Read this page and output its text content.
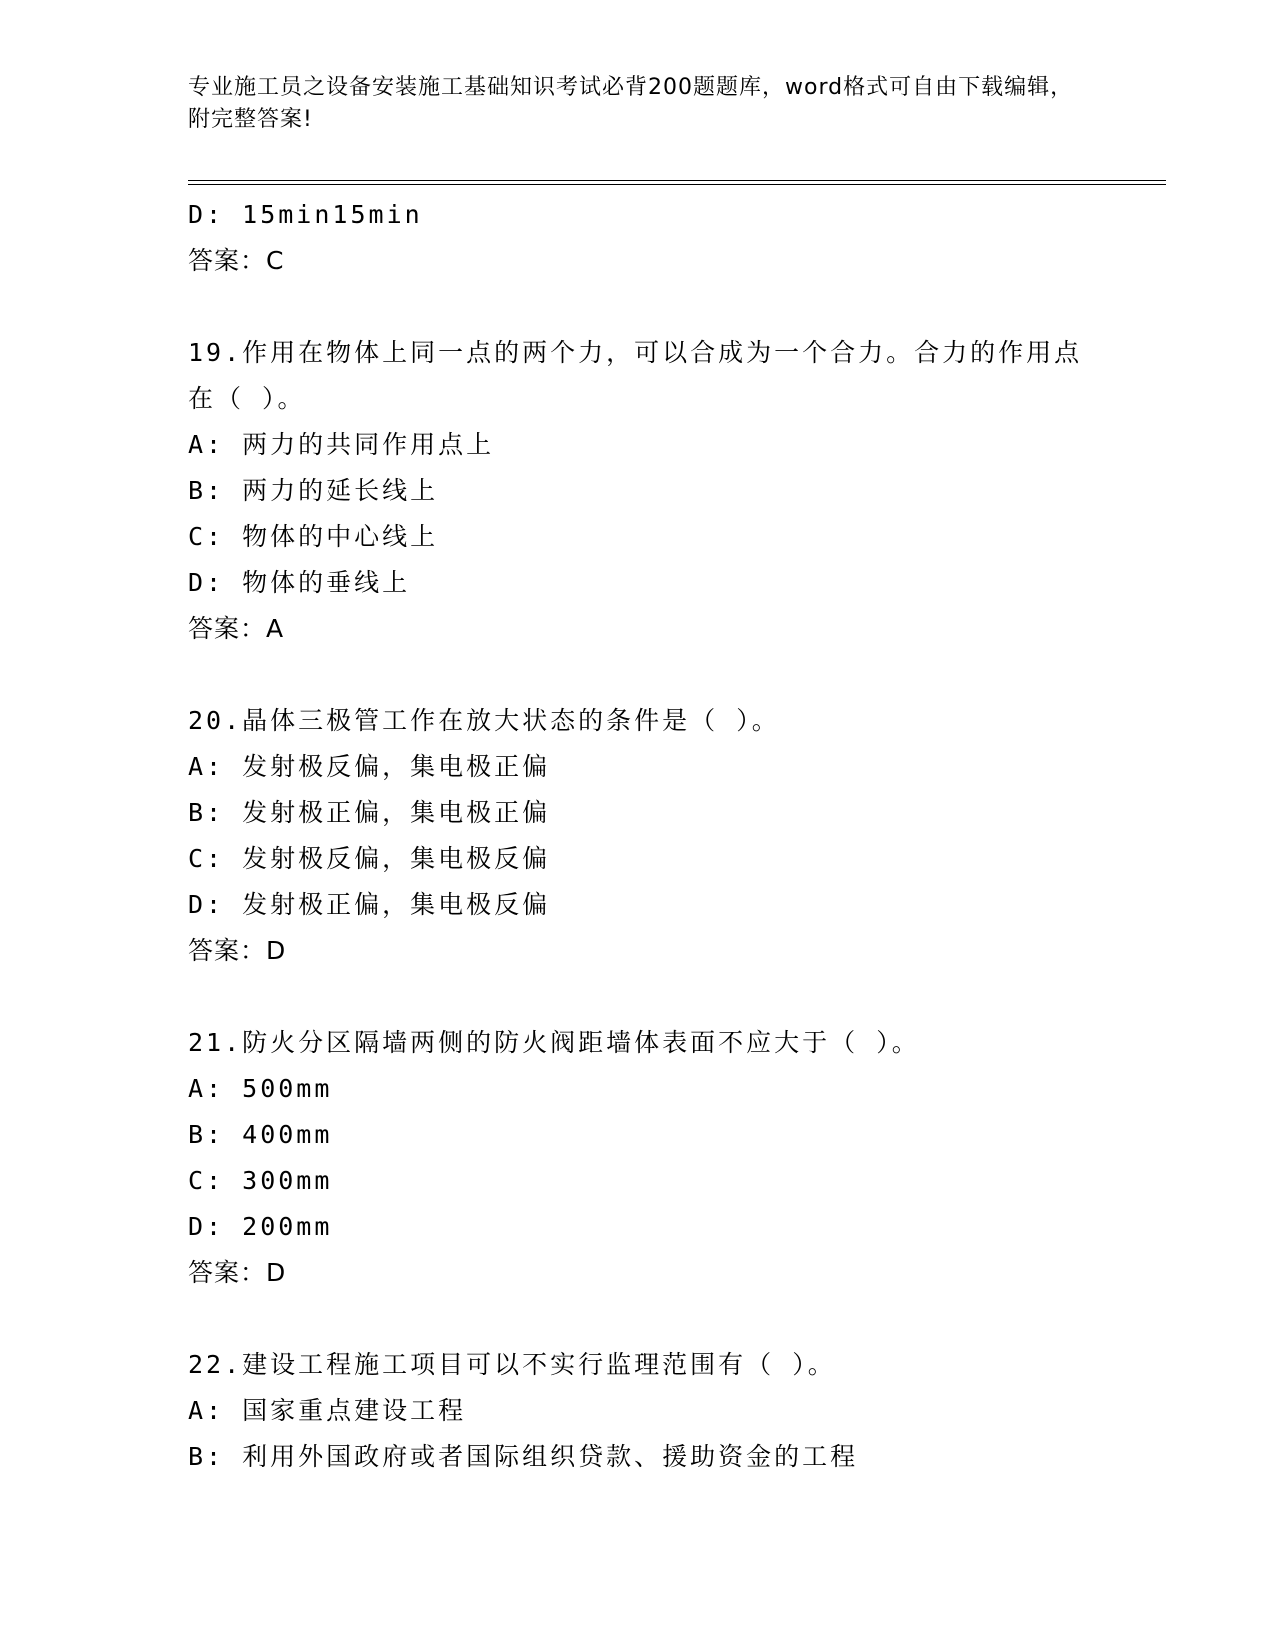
专业施工员之设备安装施工基础知识考试必背200题题库，word格式可自由下载编辑，附完整答案!
D: 15min15min
答案：C
19.作用在物体上同一点的两个力，可以合成为一个合力。合力的作用点在（ ）。
A: 两力的共同作用点上
B: 两力的延长线上
C: 物体的中心线上
D: 物体的垂线上
答案：A
20.晶体三极管工作在放大状态的条件是（ ）。
A: 发射极反偏，集电极正偏
B: 发射极正偏，集电极正偏
C: 发射极反偏，集电极反偏
D: 发射极正偏，集电极反偏
答案：D
21.防火分区隔墙两侧的防火阀距墙体表面不应大于（ ）。
A: 500mm
B: 400mm
C: 300mm
D: 200mm
答案：D
22.建设工程施工项目可以不实行监理范围有（ ）。
A: 国家重点建设工程
B: 利用外国政府或者国际组织贷款、援助资金的工程
